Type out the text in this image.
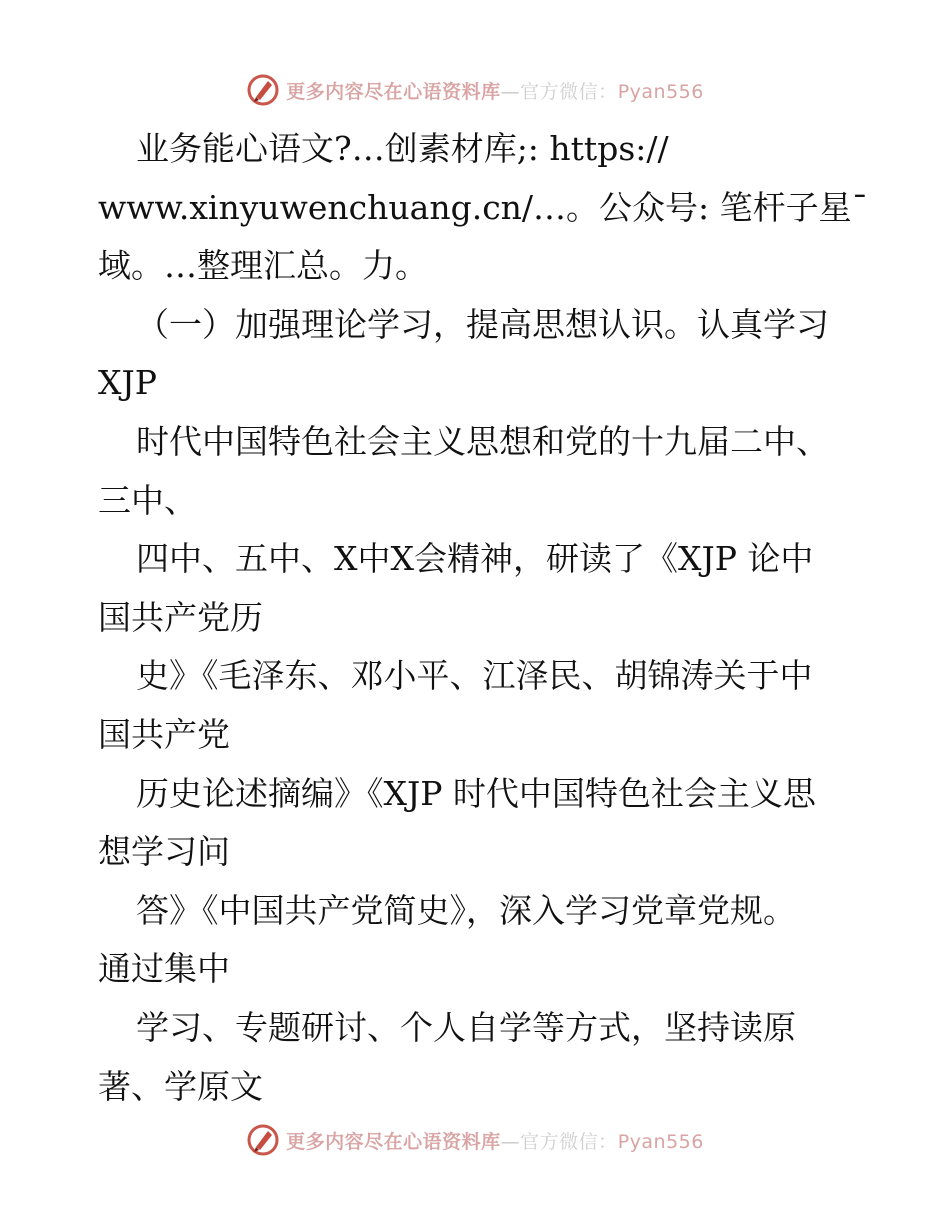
更多内容尽在心语资料库—官方微信：Pyan556
业务能心语文?…创素材库;: https://
www.xinyuwenchuang.cn/…。公众号: 笔杆子星¯
域。…整理汇总。力。
（一）加强理论学习，提高思想认识。认真学习
XJP
时代中国特色社会主义思想和党的十九届二中、
三中、
四中、五中、X中X会精神，研读了《XJP 论中
国共产党历
史》《毛泽东、邓小平、江泽民、胡锦涛关于中
国共产党
历史论述摘编》《XJP 时代中国特色社会主义思
想学习问
答》《中国共产党简史》，深入学习党章党规。
通过集中
学习、专题研讨、个人自学等方式，坚持读原
著、学原文
更多内容尽在心语资料库—官方微信：Pyan556
